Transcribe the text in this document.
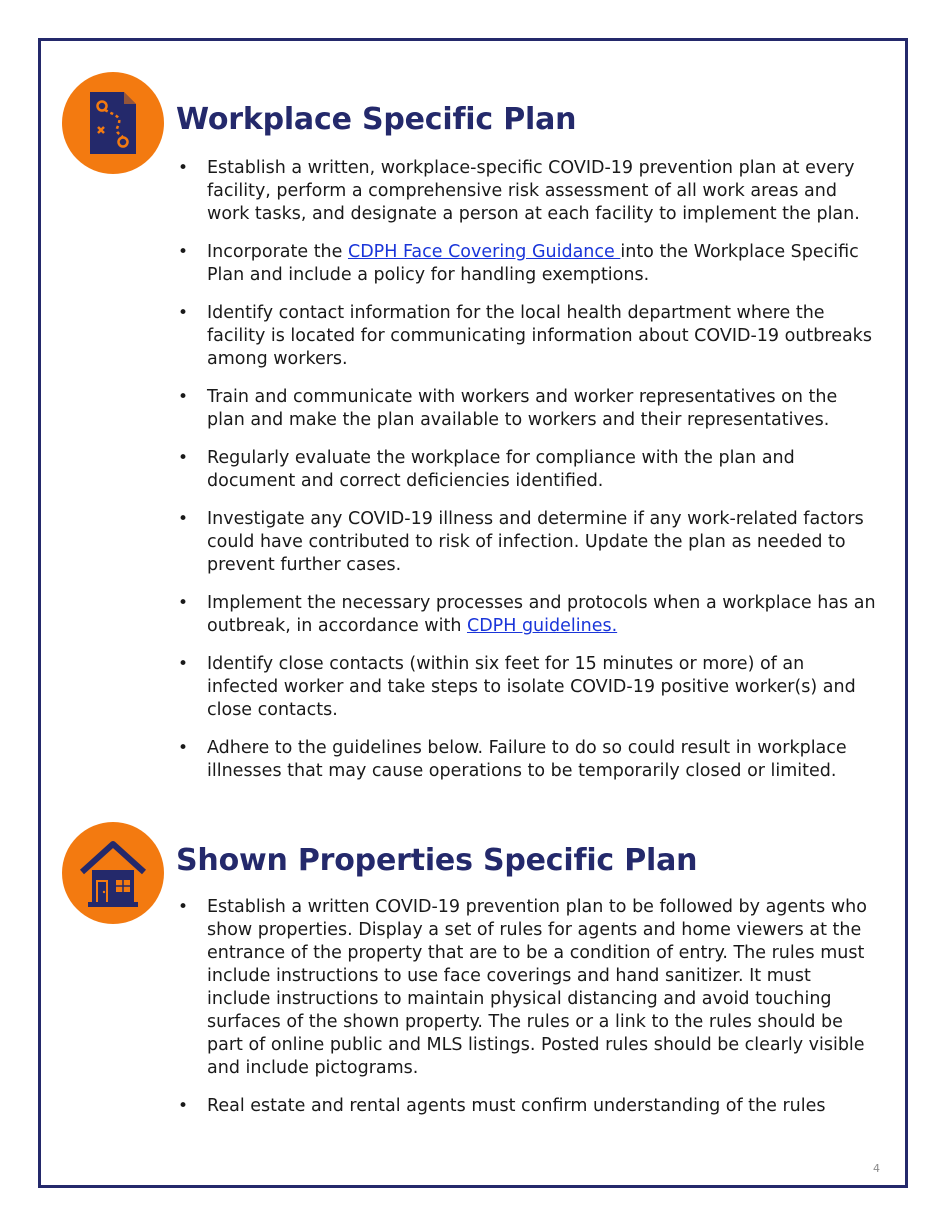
Workplace Specific Plan
• Establish a written, workplace-specific COVID-19 prevention plan at every facility, perform a comprehensive risk assessment of all work areas and work tasks, and designate a person at each facility to implement the plan.
• Incorporate the CDPH Face Covering Guidance into the Workplace Specific Plan and include a policy for handling exemptions.
• Identify contact information for the local health department where the facility is located for communicating information about COVID-19 outbreaks among workers.
• Train and communicate with workers and worker representatives on the plan and make the plan available to workers and their representatives.
• Regularly evaluate the workplace for compliance with the plan and document and correct deficiencies identified.
• Investigate any COVID-19 illness and determine if any work-related factors could have contributed to risk of infection. Update the plan as needed to prevent further cases.
• Implement the necessary processes and protocols when a workplace has an outbreak, in accordance with CDPH guidelines.
• Identify close contacts (within six feet for 15 minutes or more) of an infected worker and take steps to isolate COVID-19 positive worker(s) and close contacts.
• Adhere to the guidelines below. Failure to do so could result in workplace illnesses that may cause operations to be temporarily closed or limited.
Shown Properties Specific Plan
• Establish a written COVID-19 prevention plan to be followed by agents who show properties. Display a set of rules for agents and home viewers at the entrance of the property that are to be a condition of entry. The rules must include instructions to use face coverings and hand sanitizer. It must include instructions to maintain physical distancing and avoid touching surfaces of the shown property. The rules or a link to the rules should be part of online public and MLS listings. Posted rules should be clearly visible and include pictograms.
• Real estate and rental agents must confirm understanding of the rules
4
